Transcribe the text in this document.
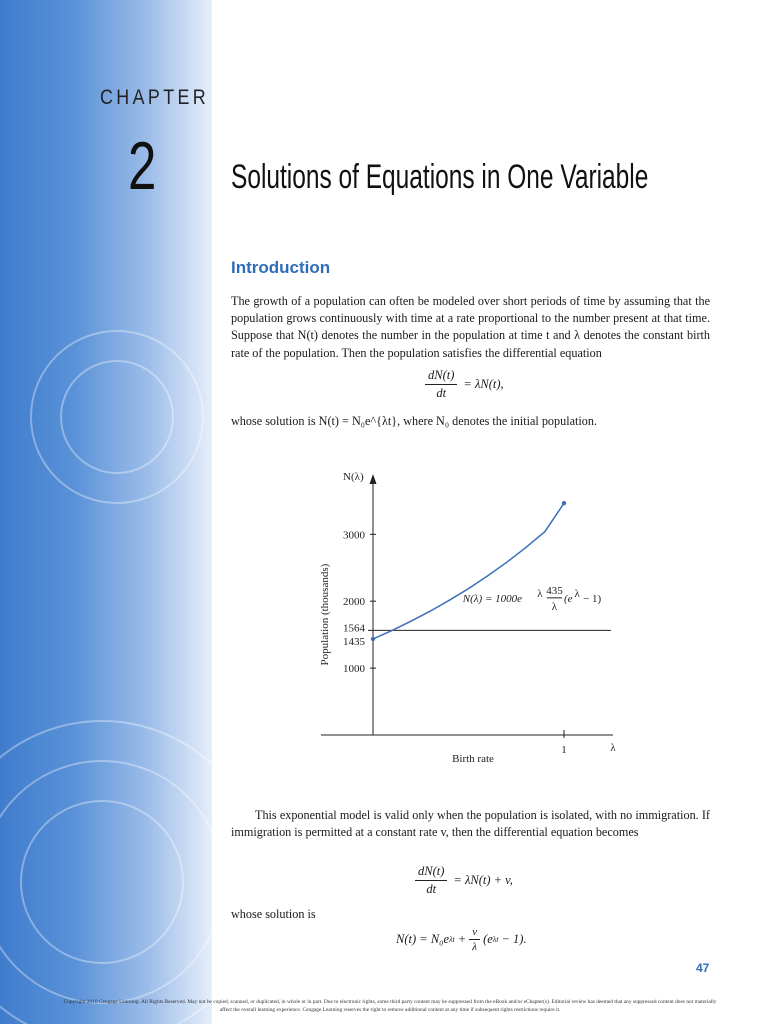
CHAPTER
2 Solutions of Equations in One Variable
Introduction

The growth of a population can often be modeled over short periods of time by assuming that the population grows continuously with time at a rate proportional to the number present at that time. Suppose that N(t) denotes the number in the population at time t and λ denotes the constant birth rate of the population. Then the population satisfies the differential equation

$\frac{dN(t)}{dt} = \lambda N(t)$,

whose solution is N(t) = N₀e^{λt}, where N₀ denotes the initial population.

1000
2000
3000
1
N(λ)
λ
Birth rate
Population (thousands) 1564
1435
N(λ) = 1000e λ 435
λ
(e λ − 1)

This exponential model is valid only when the population is isolated, with no immigration. If immigration is permitted at a constant rate v, then the differential equation becomes

$\frac{dN(t)}{dt} = \lambda N(t) + v$,

whose solution is

N(t) = N₀e $\lambda t + \frac{v}{\lambda} (e$ λt − 1).
47
Copyright 2010 Cengage Learning. All Rights Reserved. May not be copied, scanned, or duplicated, in whole or in part. Due to electronic rights, some third party content may be suppressed from the eBook and/or eChapter(s). Editorial review has deemed that any suppressed content does not materially affect the overall learning experience. Cengage Learning reserves the right to remove additional content at any time if subsequent rights restrictions require it.
